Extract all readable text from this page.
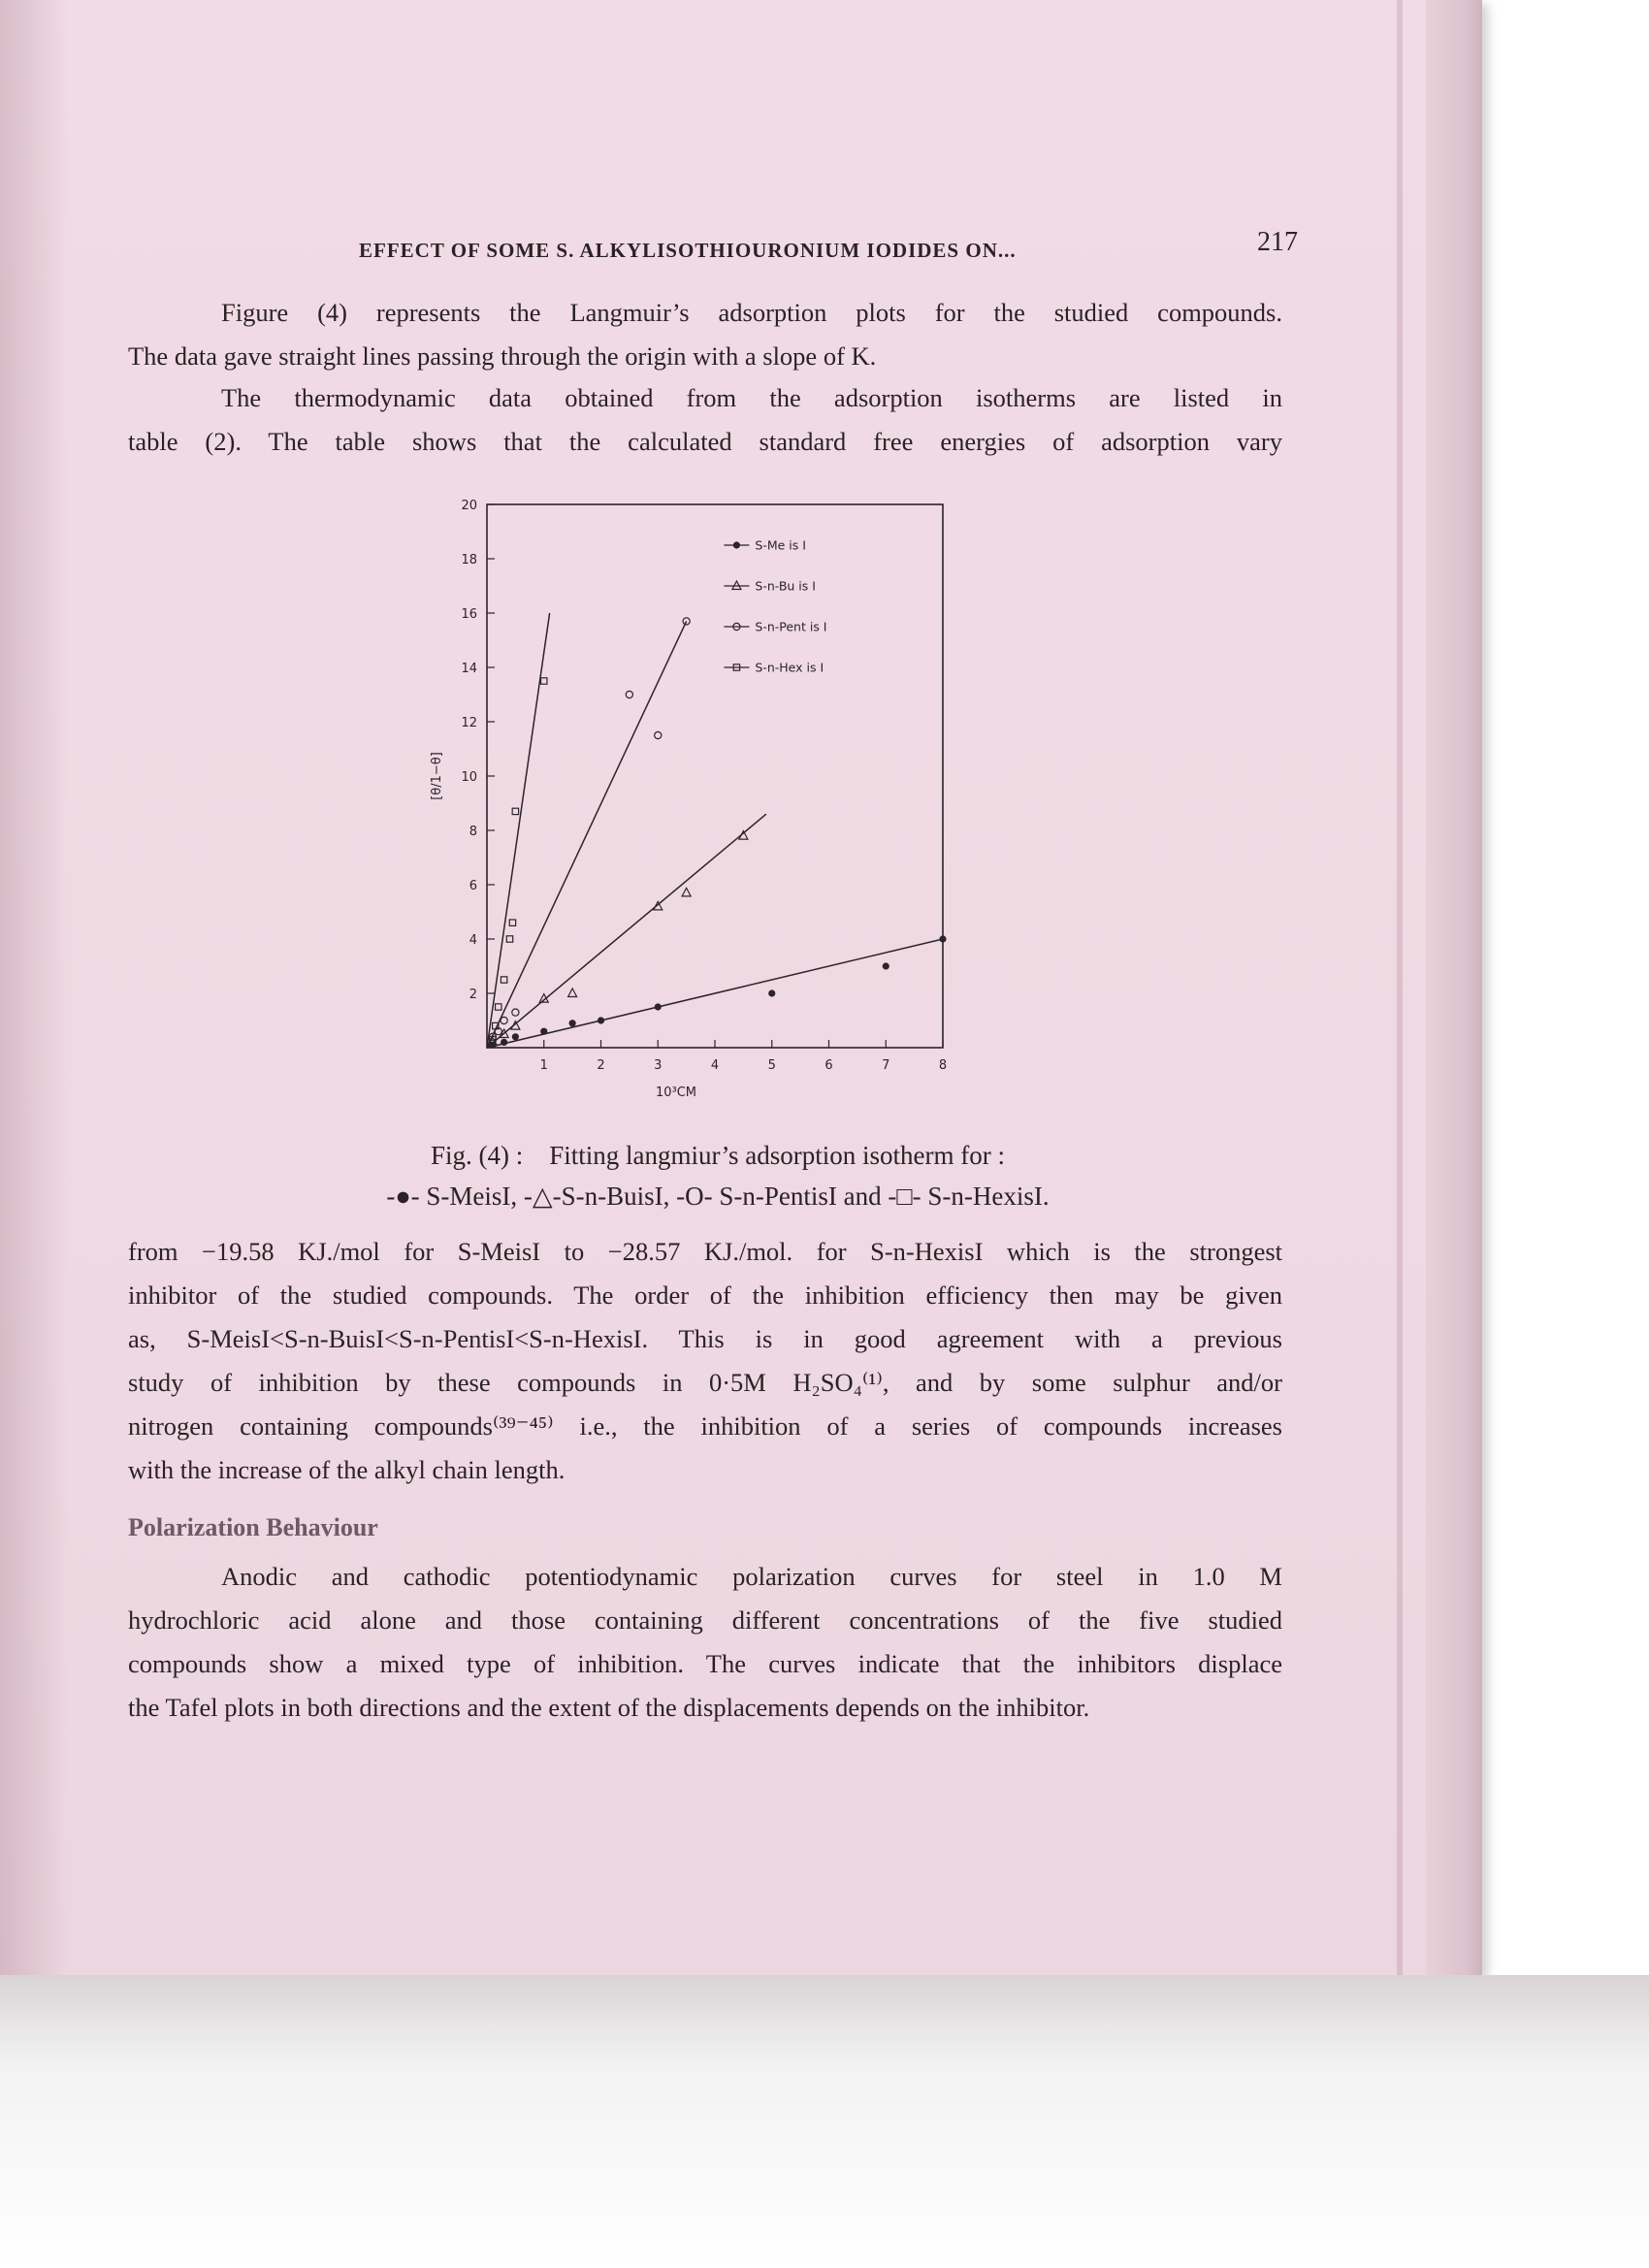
EFFECT OF SOME S. ALKYLISOTHIOURONIUM IODIDES ON...	217
Figure (4) represents the Langmuir’s adsorption plots for the studied compounds.
The data gave straight lines passing through the origin with a slope of K.
The thermodynamic data obtained from the adsorption isotherms are listed in
table (2). The table shows that the calculated standard free energies of adsorption vary
2
4
6
8
10
12
14
16
18
20
1	2	3	4	5	6	7	8
10³CM
[θ/1−θ]
S-Me is I
S-n-Bu is I
S-n-Pent is I
S-n-Hex is I
Fig. (4) : Fitting langmiur’s adsorption isotherm for :
-●- S-MeisI, -△-S-n-BuisI, -O- S-n-PentisI and -□- S-n-HexisI.
from −19.58 KJ./mol for S-MeisI to −28.57 KJ./mol. for S-n-HexisI which is the strongest
inhibitor of the studied compounds. The order of the inhibition efficiency then may be given
as, S-MeisI<S-n-BuisI<S-n-PentisI<S-n-HexisI. This is in good agreement with a previous
study of inhibition by these compounds in 0·5M H₂SO₄⁽¹⁾, and by some sulphur and/or
nitrogen containing compounds⁽³⁹⁻⁴⁵⁾ i.e., the inhibition of a series of compounds increases
with the increase of the alkyl chain length.
Polarization Behaviour
Anodic and cathodic potentiodynamic polarization curves for steel in 1.0 M
hydrochloric acid alone and those containing different concentrations of the five studied
compounds show a mixed type of inhibition. The curves indicate that the inhibitors displace
the Tafel plots in both directions and the extent of the displacements depends on the inhibitor.
